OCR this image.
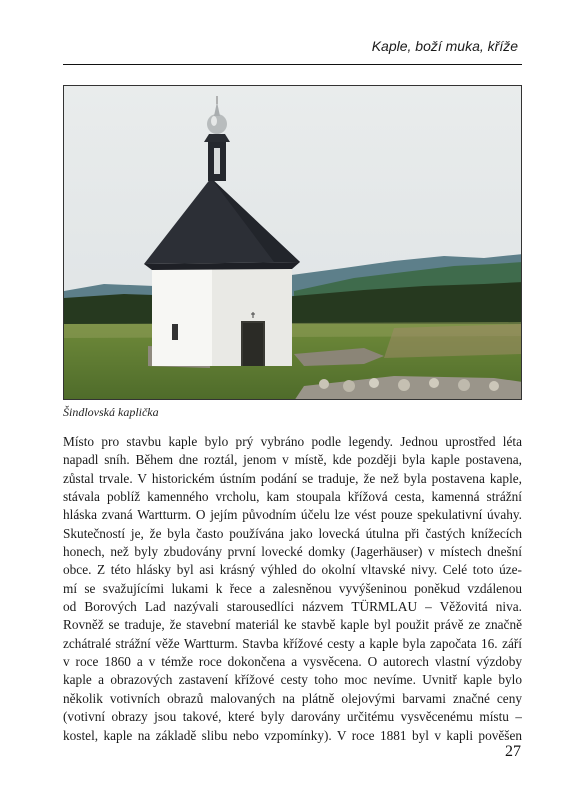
Kaple, boží muka, kříže
Šindlovská kaplička
Místo pro stavbu kaple bylo prý vybráno podle legendy. Jednou uprostřed léta
napadl sníh. Během dne roztál, jenom v místě, kde později byla kaple postavena,
zůstal trvale. V historickém ústním podání se traduje, že než byla postavena kaple,
stávala poblíž kamenného vrcholu, kam stoupala křížová cesta, kamenná strážní
hláska zvaná Wartturm. O jejím původním účelu lze vést pouze spekulativní úvahy.
Skutečností je, že byla často používána jako lovecká útulna při častých knížecích
honech, než byly zbudovány první lovecké domky (Jagerhäuser) v místech dnešní
obce. Z této hlásky byl asi krásný výhled do okolní vltavské nivy. Celé toto úze-
mí se svažujícími lukami k řece a zalesněnou vyvýšeninou poněkud vzdálenou
od Borových Lad nazývali starousedlíci názvem TÜRMLAU – Věžovitá niva.
Rovněž se traduje, že stavební materiál ke stavbě kaple byl použit právě ze značně
zchátralé strážní věže Wartturm. Stavba křížové cesty a kaple byla započata 16. září
v roce 1860 a v témže roce dokončena a vysvěcena. O autorech vlastní výzdoby
kaple a obrazových zastavení křížové cesty toho moc nevíme. Uvnitř kaple bylo
několik votivních obrazů malovaných na plátně olejovými barvami značné ceny
(votivní obrazy jsou takové, které byly darovány určitému vysvěcenému místu –
kostel, kaple na základě slibu nebo vzpomínky). V roce 1881 byl v kapli pověšen
27
